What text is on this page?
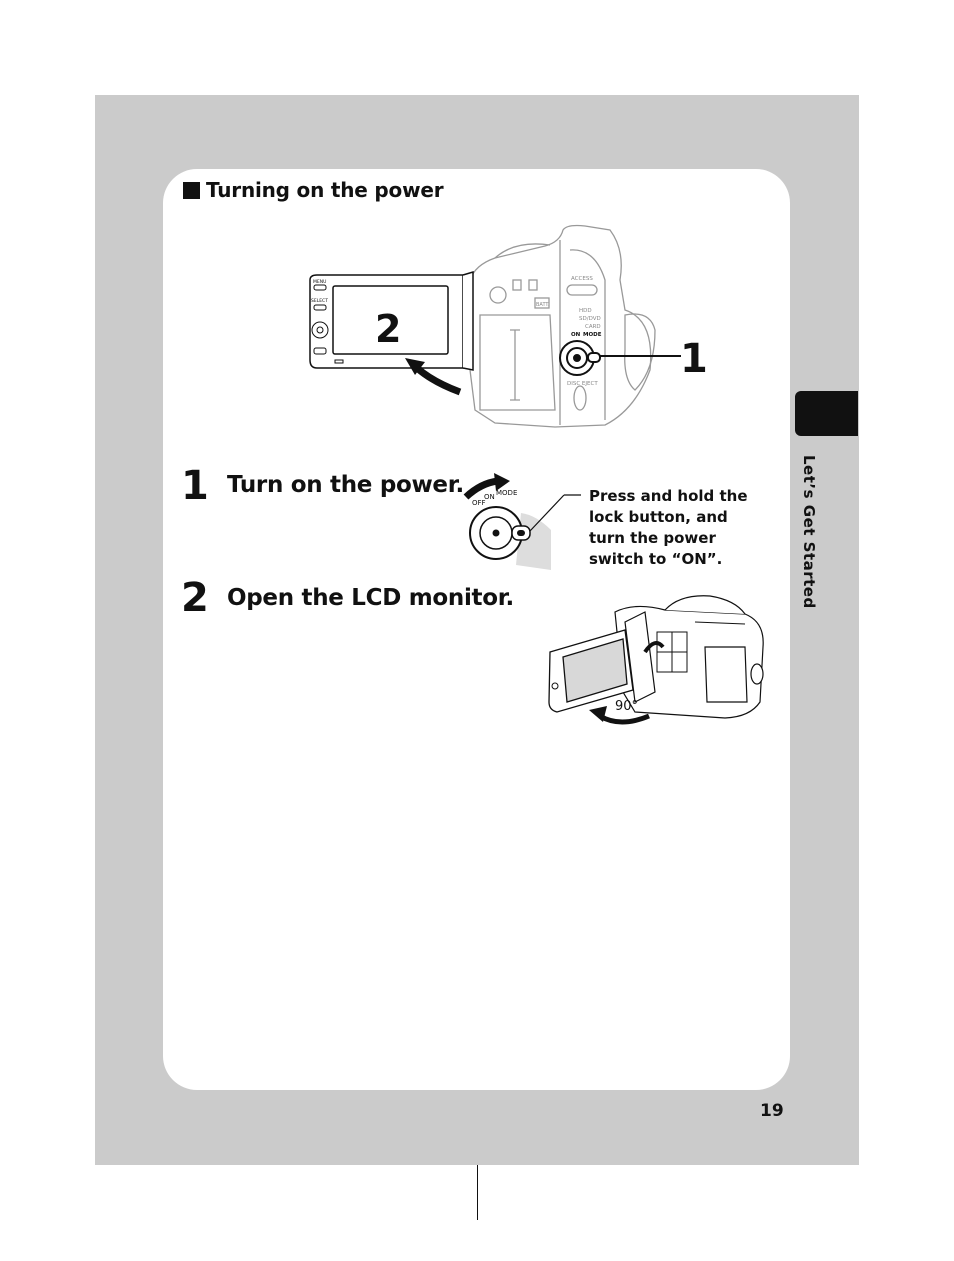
Turning on the power
ACCESS
HDD
SD/DVD
CARD
DISC EJECT
BATT.
ON MODE
MENU
SELECT
2
1
1 Turn on the power.
OFF
ON MODE	Press and hold the lock button, and turn the power switch to “ON”.
2 Open the LCD monitor.
90°
Let’s Get Started
19
